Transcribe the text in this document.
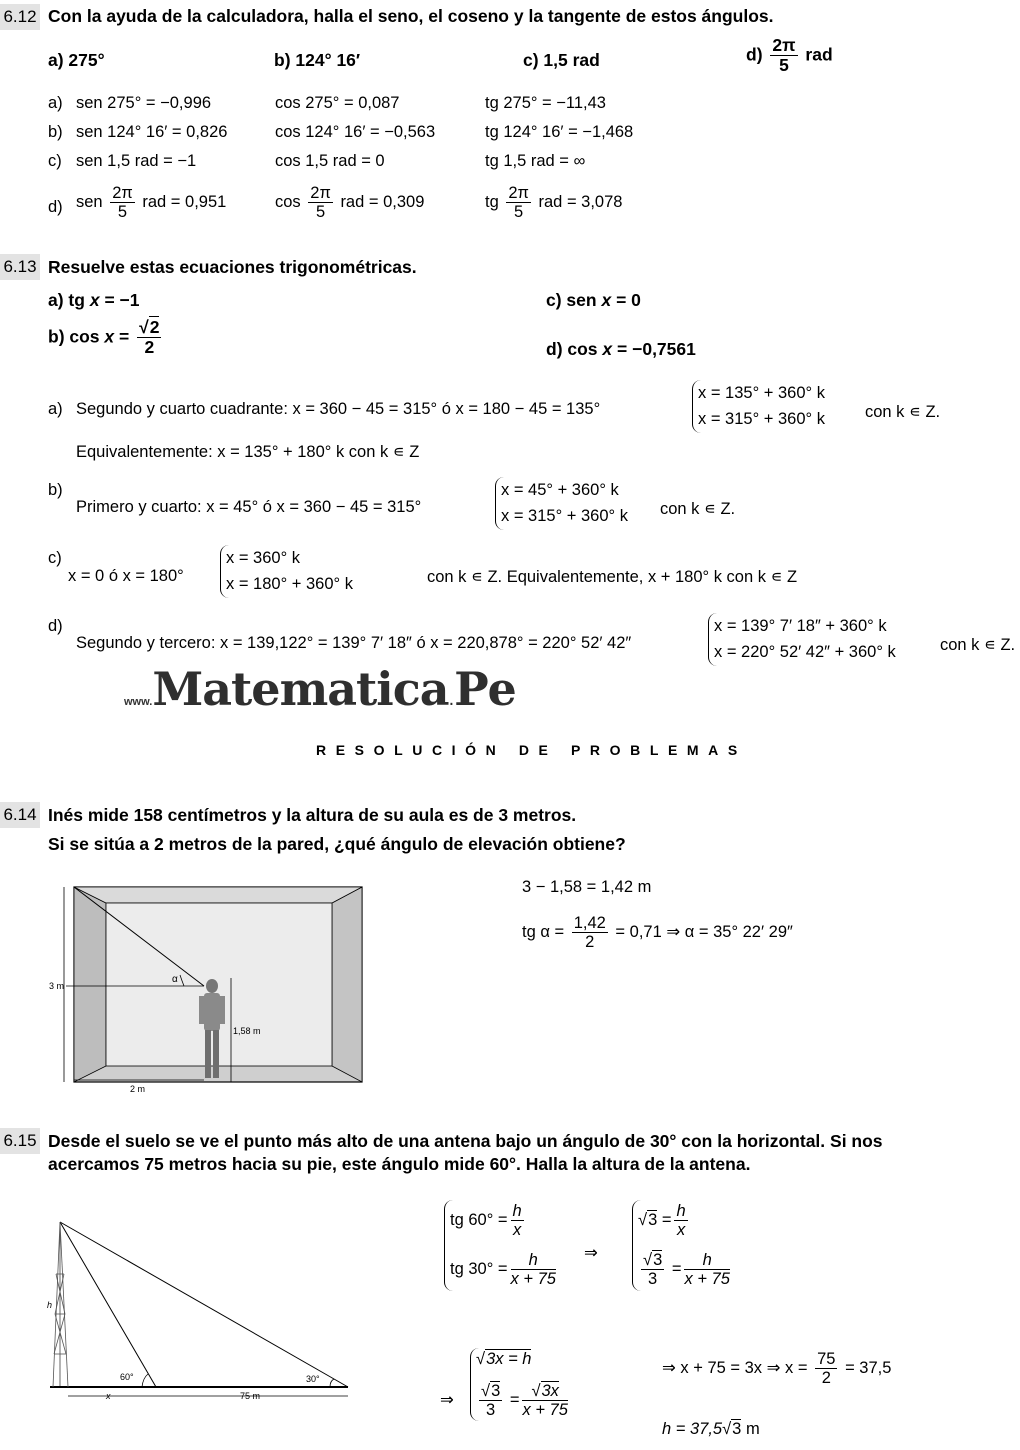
6.12 Con la ayuda de la calculadora, halla el seno, el coseno y la tangente de estos ángulos.
a) 275°	b) 124° 16′	c) 1,5 rad	$d) \frac{2\pi}{5}$ rad
a) sen 275° = −0,996	cos 275° = 0,087	tg 275° = −11,43
b) sen 124° 16′ = 0,826	cos 124° 16′ = −0,563	tg 124° 16′ = −1,468
c) sen 1,5 rad = −1	cos 1,5 rad = 0	tg 1,5 rad = ∞
d) sen $\frac{2\pi}{5}$ rad = 0,951	$\cos \frac{2\pi}{5}$ rad = 0,309	tg $\frac{2\pi}{5}$ rad = 3,078
6.13 Resuelve estas ecuaciones trigonométricas.
a) tg x = −1	c) sen x = 0
b) $\cos x = \frac{√2}{2}$	d) cos x = −0,7561
a) Segundo y cuarto cuadrante: x = 360 − 45 = 315° ó x = 180 − 45 = 135°
x = 135° + 360° k
x = 315° + 360° k con k ∊ Z.
Equivalentemente: x = 135° + 180° k con k ∊ Z
b)
Primero y cuarto: x = 45° ó x = 360 − 45 = 315°
x = 45° + 360° k
x = 315° + 360° k con k ∊ Z.
c)
x = 0 ó x = 180°
x = 360° k
x = 180° + 360° k	con k ∊ Z. Equivalentemente, x + 180° k con k ∊ Z
d)
Segundo y tercero: x = 139,122° = 139° 7′ 18″ ó x = 220,878° = 220° 52′ 42″
x = 139° 7′ 18″ + 360° k
x = 220° 52′ 42″ + 360° k	con k ∊ Z.
www.Matematica.Pe
RESOLUCIÓN DE PROBLEMAS
6.14 Inés mide 158 centímetros y la altura de su aula es de 3 metros.
Si se sitúa a 2 metros de la pared, ¿qué ángulo de elevación obtiene?
α
3 m
1,58 m
2 m
3 − 1,58 = 1,42 m
tg $\alpha = \frac{1,42}{2} = 0,71$ ⇒ α = 35° 22′ 29″
6.15 Desde el suelo se ve el punto más alto de una antena bajo un ángulo de 30° con la horizontal. Si nos
acercamos 75 metros hacia su pie, este ángulo mide 60°. Halla la altura de la antena.
h
x	75 m
60°	30°
tg $60^\circ = \frac{h}{x}$
tg $30^\circ = \frac{h}{x + 75}$ ⇒
$√3 = \frac{h}{x}$
$\frac{√3}{3} = \frac{h}{x + 75}$
⇒
√3x = h
$\frac{√3}{3} = \frac{√3x}{x + 75}$
⇒ x + 75 = 3x ⇒ $x = \frac{75}{2} = 37,5$
h = 37,5√3 m
